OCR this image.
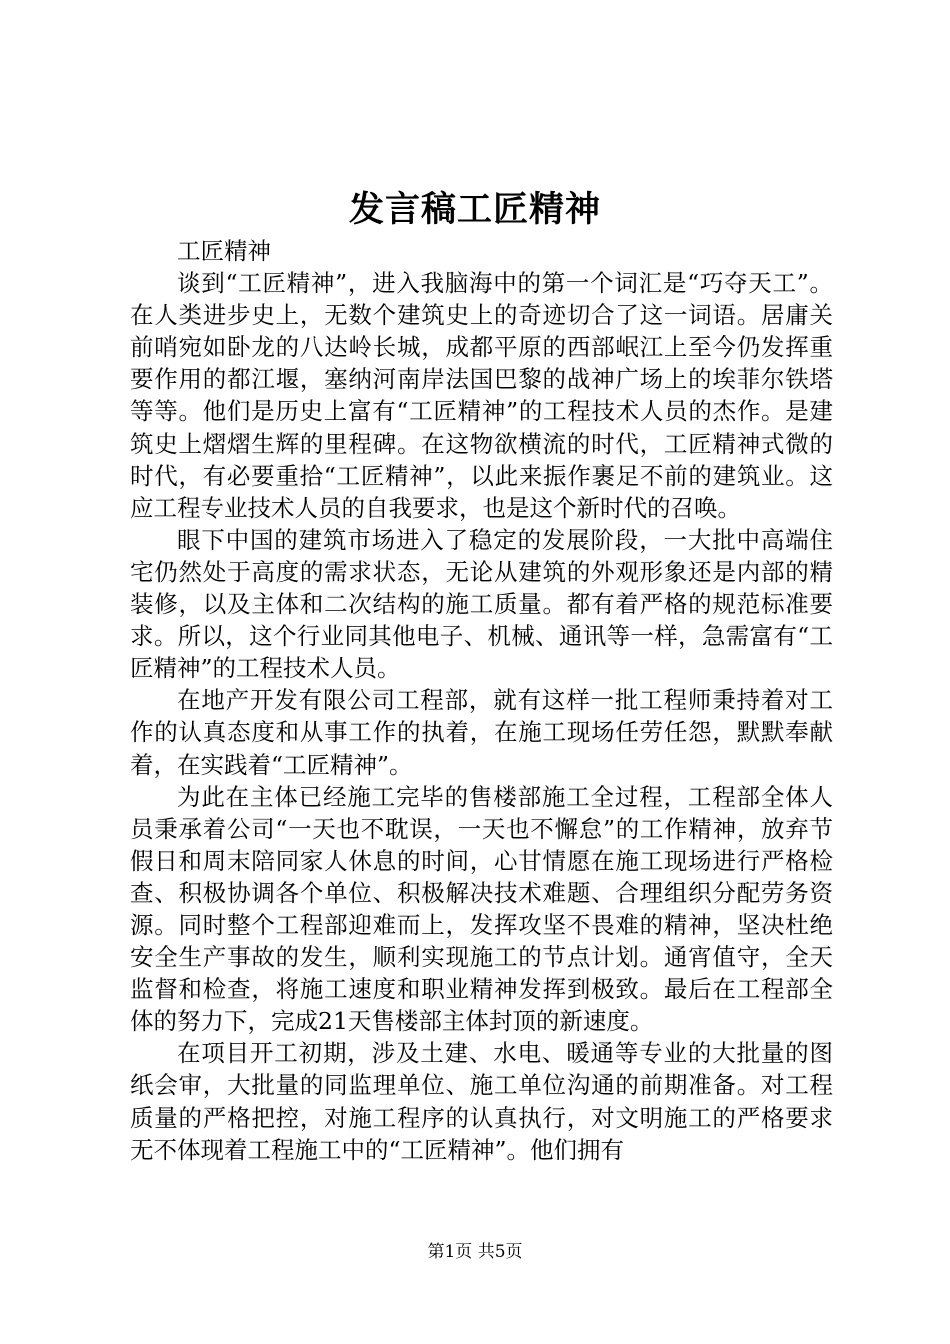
发言稿工匠精神

工匠精神

谈到“工匠精神”，进入我脑海中的第一个词汇是“巧夺天工”。在人类进步史上，无数个建筑史上的奇迹切合了这一词语。居庸关前哨宛如卧龙的八达岭长城，成都平原的西部岷江上至今仍发挥重要作用的都江堰，塞纳河南岸法国巴黎的战神广场上的埃菲尔铁塔等等。他们是历史上富有“工匠精神”的工程技术人员的杰作。是建筑史上熠熠生辉的里程碑。在这物欲横流的时代，工匠精神式微的时代，有必要重拾“工匠精神”，以此来振作裹足不前的建筑业。这应工程专业技术人员的自我要求，也是这个新时代的召唤。

眼下中国的建筑市场进入了稳定的发展阶段，一大批中高端住宅仍然处于高度的需求状态，无论从建筑的外观形象还是内部的精装修，以及主体和二次结构的施工质量。都有着严格的规范标准要求。所以，这个行业同其他电子、机械、通讯等一样，急需富有“工匠精神”的工程技术人员。

在地产开发有限公司工程部，就有这样一批工程师秉持着对工作的认真态度和从事工作的执着，在施工现场任劳任怨，默默奉献着，在实践着“工匠精神”。

为此在主体已经施工完毕的售楼部施工全过程，工程部全体人员秉承着公司“一天也不耽误，一天也不懈怠”的工作精神，放弃节假日和周末陪同家人休息的时间，心甘情愿在施工现场进行严格检查、积极协调各个单位、积极解决技术难题、合理组织分配劳务资源。同时整个工程部迎难而上，发挥攻坚不畏难的精神，坚决杜绝安全生产事故的发生，顺利实现施工的节点计划。通宵值守，全天监督和检查，将施工速度和职业精神发挥到极致。最后在工程部全体的努力下，完成21天售楼部主体封顶的新速度。

在项目开工初期，涉及土建、水电、暖通等专业的大批量的图纸会审，大批量的同监理单位、施工单位沟通的前期准备。对工程质量的严格把控，对施工程序的认真执行，对文明施工的严格要求无不体现着工程施工中的“工匠精神”。他们拥有

第1页 共5页
